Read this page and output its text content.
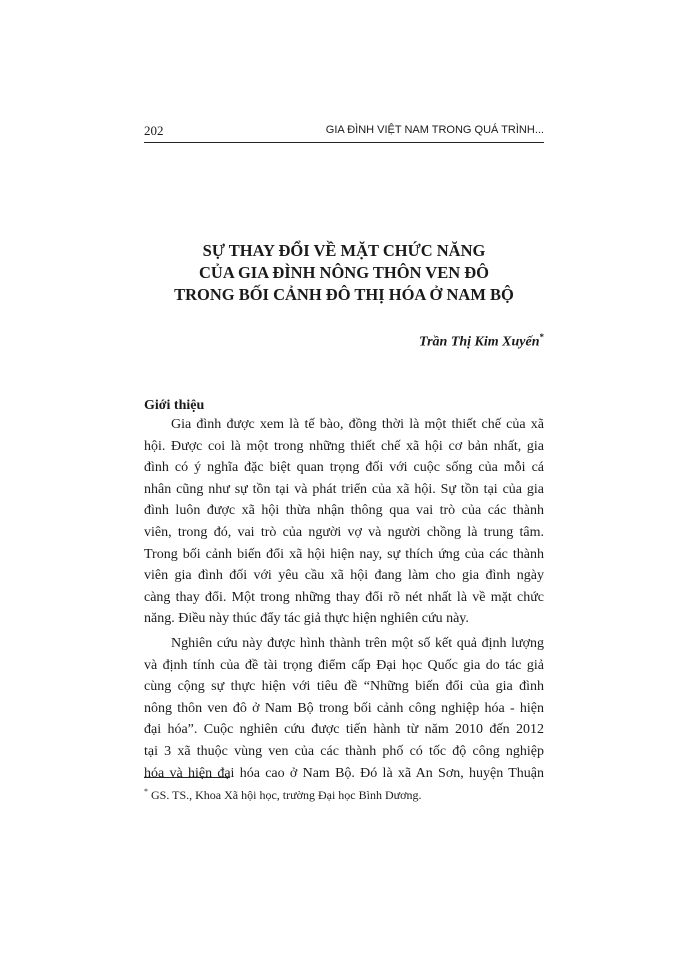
202	GIA ĐÌNH VIỆT NAM TRONG QUÁ TRÌNH...
SỰ THAY ĐỔI VỀ MẶT CHỨC NĂNG
CỦA GIA ĐÌNH NÔNG THÔN VEN ĐÔ
TRONG BỐI CẢNH ĐÔ THỊ HÓA Ở NAM BỘ
Trần Thị Kim Xuyến*
Giới thiệu

Gia đình được xem là tế bào, đồng thời là một thiết chế của xã
hội. Được coi là một trong những thiết chế xã hội cơ bản nhất, gia
đình có ý nghĩa đặc biệt quan trọng đối với cuộc sống của mỗi cá
nhân cũng như sự tồn tại và phát triển của xã hội. Sự tồn tại của gia
đình luôn được xã hội thừa nhận thông qua vai trò của các thành
viên, trong đó, vai trò của người vợ và người chồng là trung tâm.
Trong bối cảnh biến đổi xã hội hiện nay, sự thích ứng của các thành
viên gia đình đối với yêu cầu xã hội đang làm cho gia đình ngày
càng thay đổi. Một trong những thay đổi rõ nét nhất là về mặt chức
năng. Điều này thúc đẩy tác giả thực hiện nghiên cứu này.

Nghiên cứu này được hình thành trên một số kết quả định lượng
và định tính của đề tài trọng điểm cấp Đại học Quốc gia do tác giả
cùng cộng sự thực hiện với tiêu đề “Những biến đổi của gia đình
nông thôn ven đô ở Nam Bộ trong bối cảnh công nghiệp hóa - hiện
đại hóa”. Cuộc nghiên cứu được tiến hành từ năm 2010 đến 2012
tại 3 xã thuộc vùng ven của các thành phố có tốc độ công nghiệp
hóa và hiện đại hóa cao ở Nam Bộ. Đó là xã An Sơn, huyện Thuận

* GS. TS., Khoa Xã hội học, trường Đại học Bình Dương.
